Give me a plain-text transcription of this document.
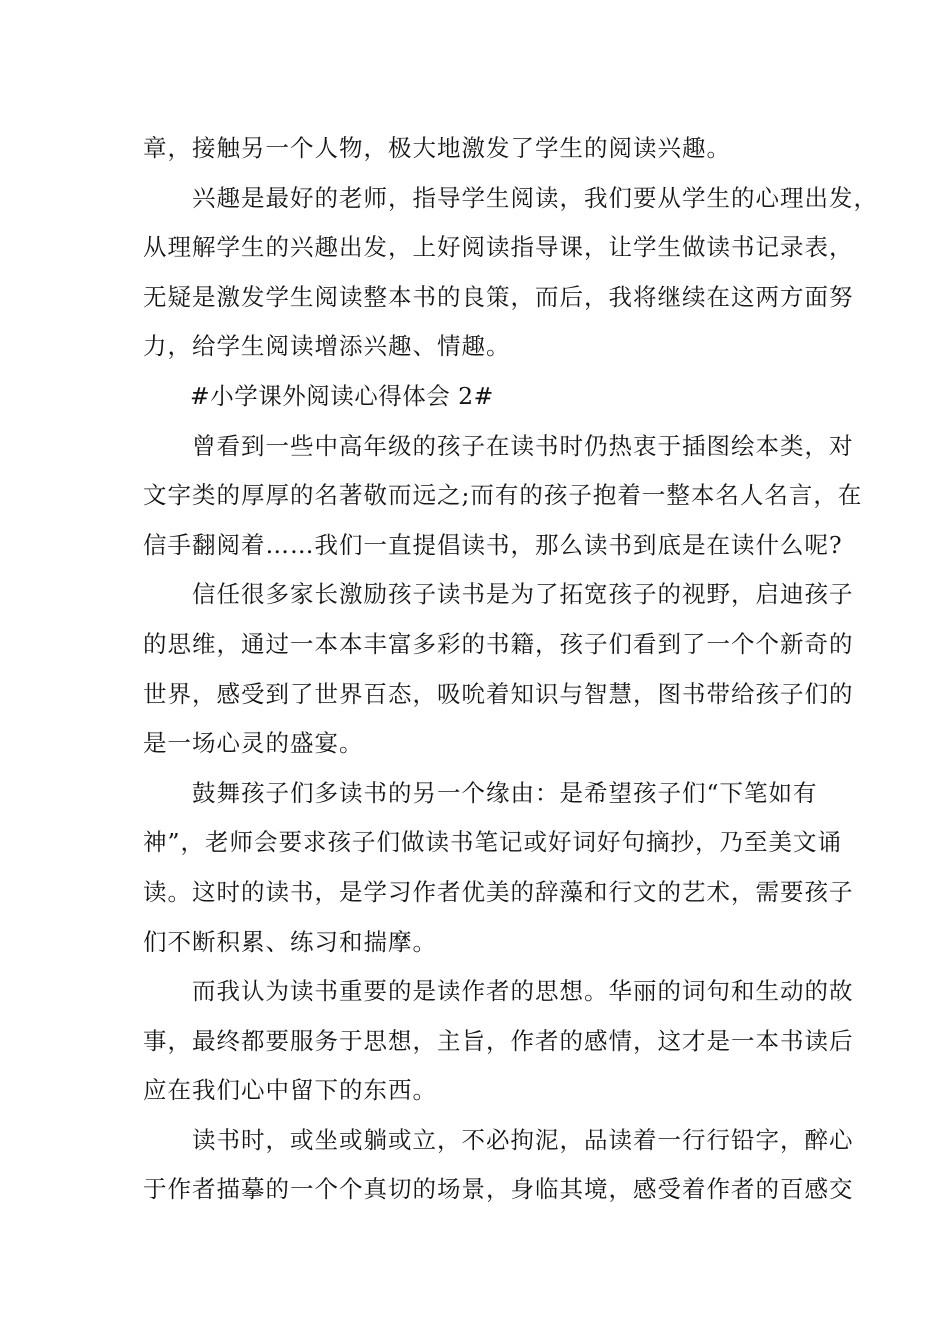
章，接触另一个人物，极大地激发了学生的阅读兴趣。
兴趣是最好的老师，指导学生阅读，我们要从学生的心理出发，
从理解学生的兴趣出发，上好阅读指导课，让学生做读书记录表，
无疑是激发学生阅读整本书的良策，而后，我将继续在这两方面努
力，给学生阅读增添兴趣、情趣。
#小学课外阅读心得体会 2#
曾看到一些中高年级的孩子在读书时仍热衷于插图绘本类，对
文字类的厚厚的名著敬而远之;而有的孩子抱着一整本名人名言，在
信手翻阅着……我们一直提倡读书，那么读书到底是在读什么呢?
信任很多家长激励孩子读书是为了拓宽孩子的视野，启迪孩子
的思维，通过一本本丰富多彩的书籍，孩子们看到了一个个新奇的
世界，感受到了世界百态，吸吮着知识与智慧，图书带给孩子们的
是一场心灵的盛宴。
鼓舞孩子们多读书的另一个缘由：是希望孩子们“下笔如有
神”，老师会要求孩子们做读书笔记或好词好句摘抄，乃至美文诵
读。这时的读书，是学习作者优美的辞藻和行文的艺术，需要孩子
们不断积累、练习和揣摩。
而我认为读书重要的是读作者的思想。华丽的词句和生动的故
事，最终都要服务于思想，主旨，作者的感情，这才是一本书读后
应在我们心中留下的东西。
读书时，或坐或躺或立，不必拘泥，品读着一行行铅字，醉心
于作者描摹的一个个真切的场景，身临其境，感受着作者的百感交
